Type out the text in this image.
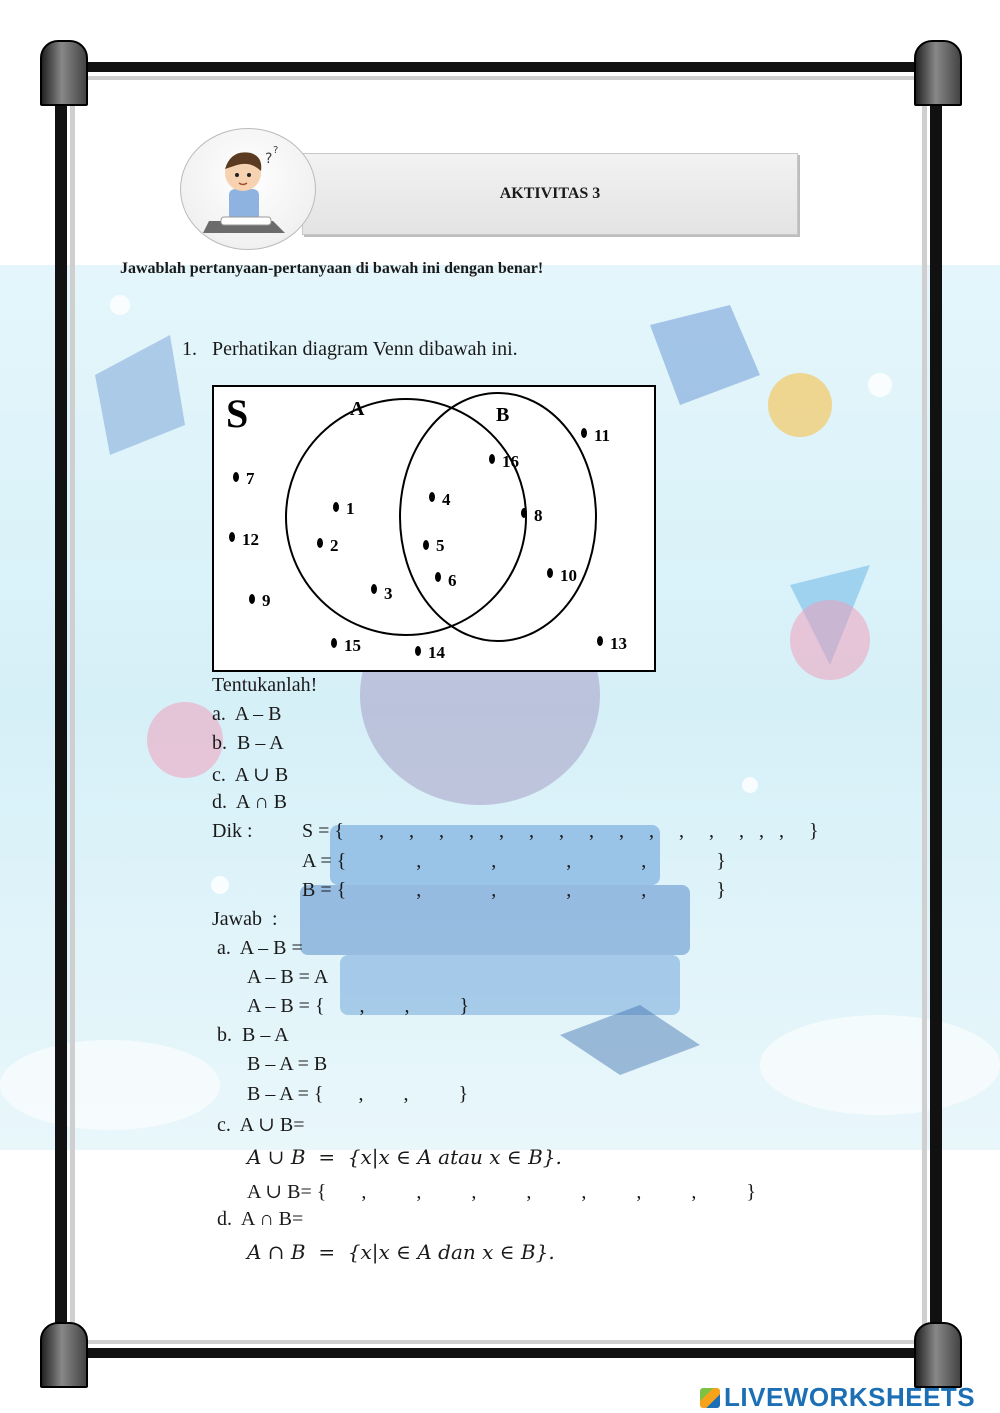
AKTIVITAS 3
?
?
Jawablah pertanyaan-pertanyaan di bawah ini dengan benar!
1. Perhatikan diagram Venn dibawah ini.
S	A	B
1
2
3
4
5
6
7
8
9
10
11
12
13
14
15
16
Tentukanlah!
a.  A – B
b.  B – A
c.  A ∪ B
d.  A ∩ B
Dik : S = {       ,     ,     ,     ,     ,     ,     ,     ,     ,     ,     ,     ,     ,   ,   ,     }
A = {              ,              ,              ,              ,              }
B = {              ,              ,              ,              ,              }
Jawab  :
a.  A – B =
A – B = A
A – B = {       ,        ,          }
b.  B – A
B – A = B
B – A = {       ,        ,          }
c.  A ∪ B=
A ∪ B  =  {x|x ∈ A atau x ∈ B}.
A ∪ B= {       ,          ,          ,          ,          ,          ,          ,          }
d.  A ∩ B=
A ∩ B  =  {x|x ∈ A dan x ∈ B}.
LIVEWORKSHEETS
